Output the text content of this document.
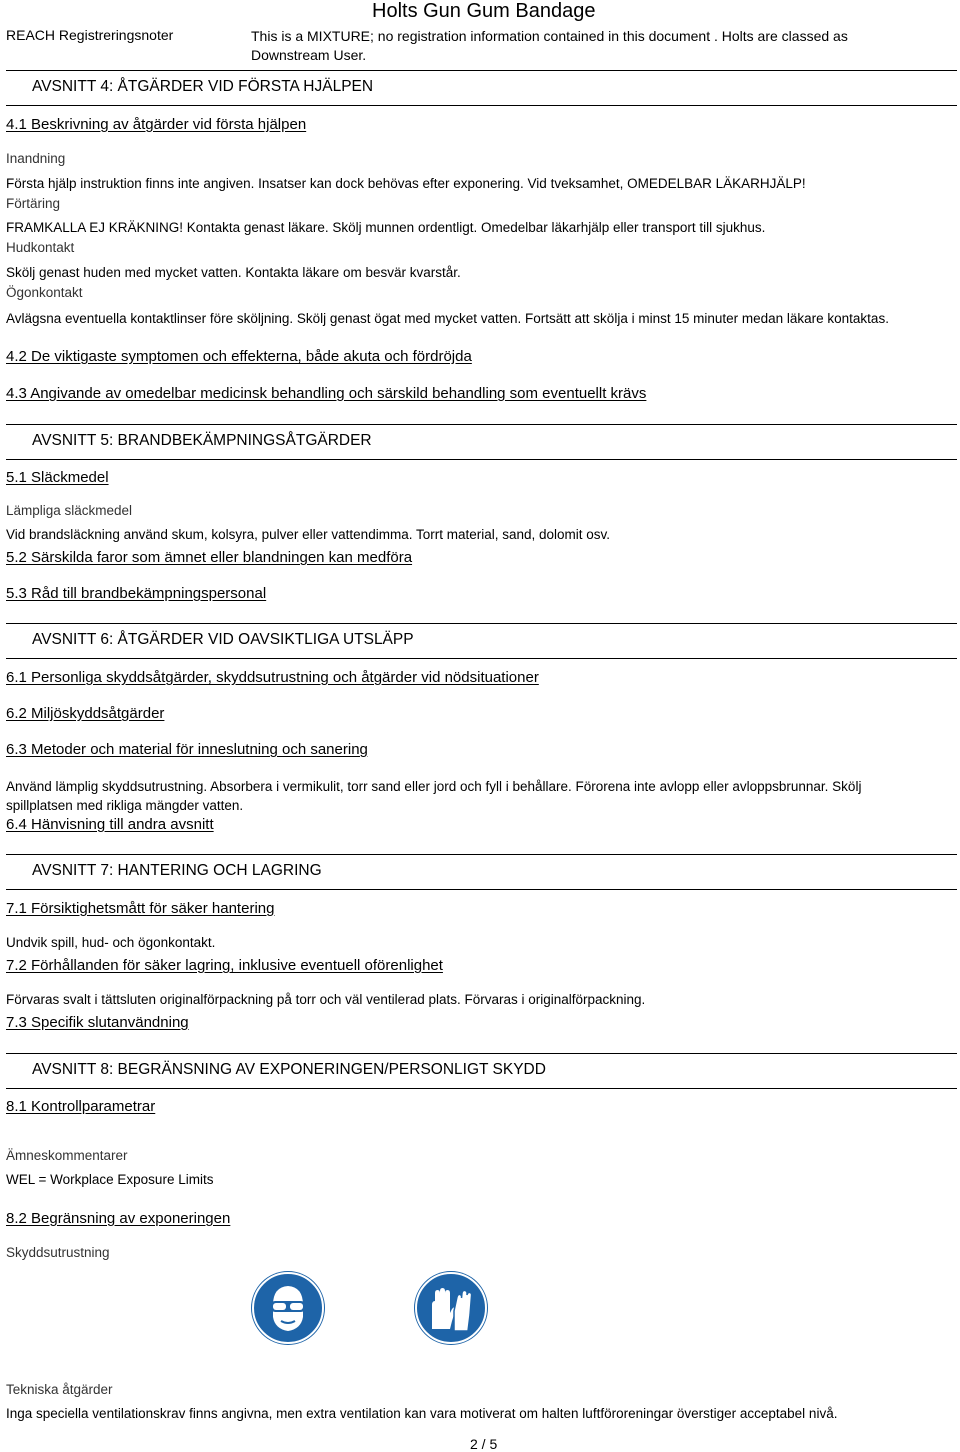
REACH Registreringsnoter
Holts Gun Gum Bandage
This is a MIXTURE; no registration information contained in this document . Holts are classed as Downstream User.
AVSNITT 4: ÅTGÄRDER VID FÖRSTA HJÄLPEN
4.1 Beskrivning av åtgärder vid första hjälpen
Inandning
Första hjälp instruktion finns inte angiven. Insatser kan dock behövas efter exponering. Vid tveksamhet, OMEDELBAR LÄKARHJÄLP!
Förtäring
FRAMKALLA EJ KRÄKNING! Kontakta genast läkare. Skölj munnen ordentligt. Omedelbar läkarhjälp eller transport till sjukhus.
Hudkontakt
Skölj genast huden med mycket vatten. Kontakta läkare om besvär kvarstår.
Ögonkontakt
Avlägsna eventuella kontaktlinser före sköljning. Skölj genast ögat med mycket vatten. Fortsätt att skölja i minst 15 minuter medan läkare kontaktas.
4.2 De viktigaste symptomen och effekterna, både akuta och fördröjda
4.3 Angivande av omedelbar medicinsk behandling och särskild behandling som eventuellt krävs
AVSNITT 5: BRANDBEKÄMPNINGSÅTGÄRDER
5.1 Släckmedel
Lämpliga släckmedel
Vid brandsläckning använd skum, kolsyra, pulver eller vattendimma. Torrt material, sand, dolomit osv.
5.2 Särskilda faror som ämnet eller blandningen kan medföra
5.3 Råd till brandbekämpningspersonal
AVSNITT 6: ÅTGÄRDER VID OAVSIKTLIGA UTSLÄPP
6.1 Personliga skyddsåtgärder, skyddsutrustning och åtgärder vid nödsituationer
6.2 Miljöskyddsåtgärder
6.3 Metoder och material för inneslutning och sanering
Använd lämplig skyddsutrustning. Absorbera i vermikulit, torr sand eller jord och fyll i behållare. Förorena inte avlopp eller avloppsbrunnar. Skölj spillplatsen med rikliga mängder vatten.
6.4 Hänvisning till andra avsnitt
AVSNITT 7: HANTERING OCH LAGRING
7.1 Försiktighetsmått för säker hantering
Undvik spill, hud- och ögonkontakt.
7.2 Förhållanden för säker lagring, inklusive eventuell oförenlighet
Förvaras svalt i tättsluten originalförpackning på torr och väl ventilerad plats. Förvaras i originalförpackning.
7.3 Specifik slutanvändning
AVSNITT 8: BEGRÄNSNING AV EXPONERINGEN/PERSONLIGT SKYDD
8.1 Kontrollparametrar
Ämneskommentarer
WEL = Workplace Exposure Limits
8.2 Begränsning av exponeringen
Skyddsutrustning
Tekniska åtgärder
Inga speciella ventilationskrav finns angivna, men extra ventilation kan vara motiverat om halten luftföroreningar överstiger acceptabel nivå.
2 / 5
